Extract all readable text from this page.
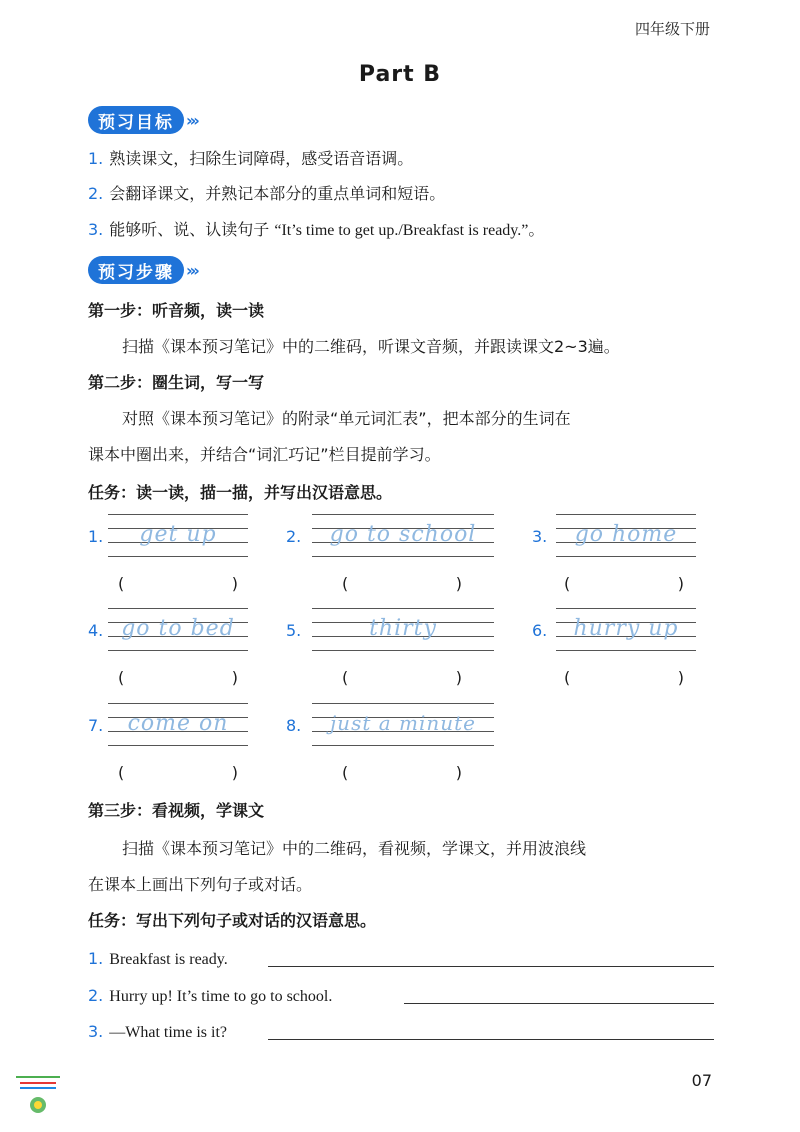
四年级下册
Part B
预习目标 ›››
1. 熟读课文，扫除生词障碍，感受语音语调。
2. 会翻译课文，并熟记本部分的重点单词和短语。
3. 能够听、说、认读句子 “It’s time to get up./Breakfast is ready.”。
预习步骤 ›››
第一步：听音频，读一读
扫描《课本预习笔记》中的二维码，听课文音频，并跟读课文2~3遍。
第二步：圈生词，写一写
对照《课本预习笔记》的附录“单元词汇表”，把本部分的生词在
课本中圈出来，并结合“词汇巧记”栏目提前学习。
任务：读一读，描一描，并写出汉语意思。
1.	get up
(	)
2.	go to school
(	)
3.	go home
(	)
4. go to bed
(	)
5.	thirty
(	)
6.	hurry up
(	)
7.	come on
(	)
8.	just a minute
(	)
第三步：看视频，学课文
扫描《课本预习笔记》中的二维码，看视频，学课文，并用波浪线
在课本上画出下列句子或对话。
任务：写出下列句子或对话的汉语意思。
1. Breakfast is ready.
2. Hurry up! It’s time to go to school.
3. —What time is it?
07
